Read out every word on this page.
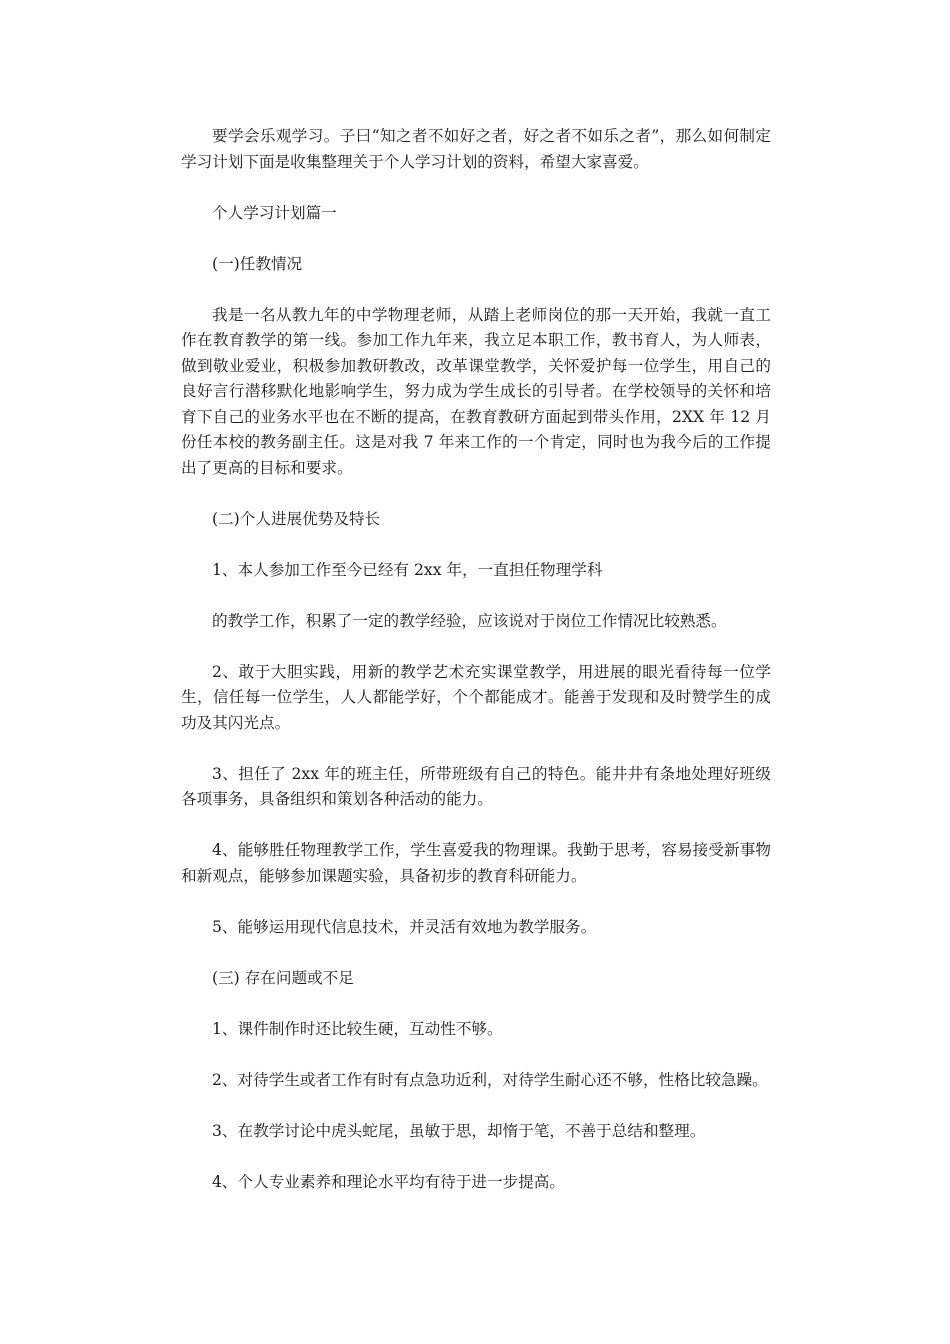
要学会乐观学习。子曰“知之者不如好之者，好之者不如乐之者”，那么如何制定学习计划下面是收集整理关于个人学习计划的资料，希望大家喜爱。

个人学习计划篇一

(一)任教情况

我是一名从教九年的中学物理老师，从踏上老师岗位的那一天开始，我就一直工作在教育教学的第一线。参加工作九年来，我立足本职工作，教书育人，为人师表，做到敬业爱业，积极参加教研教改，改革课堂教学，关怀爱护每一位学生，用自己的良好言行潜移默化地影响学生，努力成为学生成长的引导者。在学校领导的关怀和培育下自己的业务水平也在不断的提高，在教育教研方面起到带头作用，2XX 年 12 月份任本校的教务副主任。这是对我 7 年来工作的一个肯定，同时也为我今后的工作提出了更高的目标和要求。

(二)个人进展优势及特长

1、本人参加工作至今已经有 2xx 年，一直担任物理学科

的教学工作，积累了一定的教学经验，应该说对于岗位工作情况比较熟悉。

2、敢于大胆实践，用新的教学艺术充实课堂教学，用进展的眼光看待每一位学生，信任每一位学生，人人都能学好，个个都能成才。能善于发现和及时赞学生的成功及其闪光点。

3、担任了 2xx 年的班主任，所带班级有自己的特色。能井井有条地处理好班级各项事务，具备组织和策划各种活动的能力。

4、能够胜任物理教学工作，学生喜爱我的物理课。我勤于思考，容易接受新事物和新观点，能够参加课题实验，具备初步的教育科研能力。

5、能够运用现代信息技术，并灵活有效地为教学服务。

(三) 存在问题或不足

1、课件制作时还比较生硬，互动性不够。

2、对待学生或者工作有时有点急功近利，对待学生耐心还不够，性格比较急躁。

3、在教学讨论中虎头蛇尾，虽敏于思，却惰于笔，不善于总结和整理。

4、个人专业素养和理论水平均有待于进一步提高。
